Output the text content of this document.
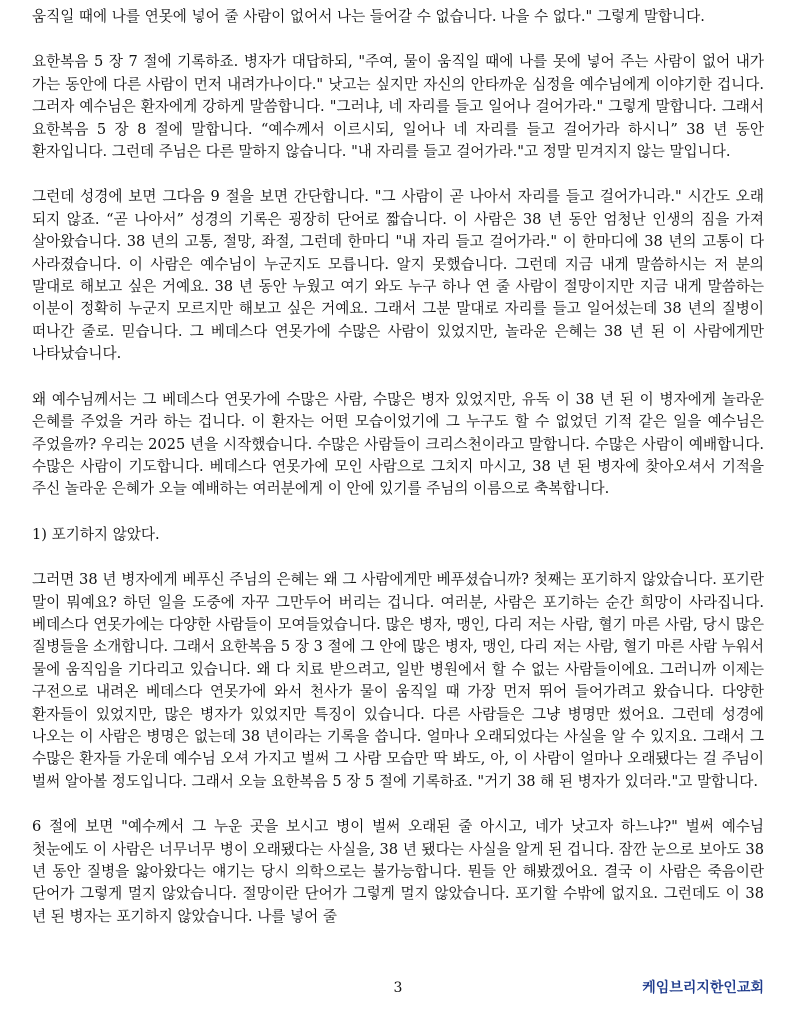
움직일 때에 나를 연못에 넣어 줄 사람이 없어서 나는 들어갈 수 없습니다. 나을 수 없다." 그렇게 말합니다.

요한복음 5 장 7 절에 기록하죠. 병자가 대답하되, "주여, 물이 움직일 때에 나를 못에 넣어 주는 사람이 없어 내가 가는 동안에 다른 사람이 먼저 내려가나이다." 낫고는 싶지만 자신의 안타까운 심정을 예수님에게 이야기한 겁니다. 그러자 예수님은 환자에게 강하게 말씀합니다. "그러냐, 네 자리를 들고 일어나 걸어가라." 그렇게 말합니다. 그래서 요한복음 5 장 8 절에 말합니다. “예수께서 이르시되, 일어나 네 자리를 들고 걸어가라 하시니” 38 년 동안 환자입니다. 그런데 주님은 다른 말하지 않습니다. "내 자리를 들고 걸어가라."고 정말 믿겨지지 않는 말입니다.

그런데 성경에 보면 그다음 9 절을 보면 간단합니다. "그 사람이 곧 나아서 자리를 들고 걸어가니라." 시간도 오래 되지 않죠. “곧 나아서” 성경의 기록은 굉장히 단어로 짧습니다. 이 사람은 38 년 동안 엄청난 인생의 짐을 가져 살아왔습니다. 38 년의 고통, 절망, 좌절, 그런데 한마디 "내 자리 들고 걸어가라." 이 한마디에 38 년의 고통이 다 사라졌습니다. 이 사람은 예수님이 누군지도 모릅니다. 알지 못했습니다. 그런데 지금 내게 말씀하시는 저 분의 말대로 해보고 싶은 거예요. 38 년 동안 누웠고 여기 와도 누구 하나 연 줄 사람이 절망이지만 지금 내게 말씀하는 이분이 정확히 누군지 모르지만 해보고 싶은 거예요. 그래서 그분 말대로 자리를 들고 일어섰는데 38 년의 질병이 떠나간 줄로. 믿습니다. 그 베데스다 연못가에 수많은 사람이 있었지만, 놀라운 은혜는 38 년 된 이 사람에게만 나타났습니다.

왜 예수님께서는 그 베데스다 연못가에 수많은 사람, 수많은 병자 있었지만, 유독 이 38 년 된 이 병자에게 놀라운 은혜를 주었을 거라 하는 겁니다. 이 환자는 어떤 모습이었기에 그 누구도 할 수 없었던 기적 같은 일을 예수님은 주었을까? 우리는 2025 년을 시작했습니다. 수많은 사람들이 크리스천이라고 말합니다. 수많은 사람이 예배합니다. 수많은 사람이 기도합니다. 베데스다 연못가에 모인 사람으로 그치지 마시고, 38 년 된 병자에 찾아오셔서 기적을 주신 놀라운 은혜가 오늘 예배하는 여러분에게 이 안에 있기를 주님의 이름으로 축복합니다.

1) 포기하지 않았다.

그러면 38 년 병자에게 베푸신 주님의 은혜는 왜 그 사람에게만 베푸셨습니까? 첫째는 포기하지 않았습니다. 포기란 말이 뭐예요? 하던 일을 도중에 자꾸 그만두어 버리는 겁니다. 여러분, 사람은 포기하는 순간 희망이 사라집니다. 베데스다 연못가에는 다양한 사람들이 모여들었습니다. 많은 병자, 맹인, 다리 저는 사람, 혈기 마른 사람, 당시 많은 질병들을 소개합니다. 그래서 요한복음 5 장 3 절에 그 안에 많은 병자, 맹인, 다리 저는 사람, 혈기 마른 사람 누워서 물에 움직임을 기다리고 있습니다. 왜 다 치료 받으려고, 일반 병원에서 할 수 없는 사람들이에요. 그러니까 이제는 구전으로 내려온 베데스다 연못가에 와서 천사가 물이 움직일 때 가장 먼저 뛰어 들어가려고 왔습니다. 다양한 환자들이 있었지만, 많은 병자가 있었지만 특징이 있습니다. 다른 사람들은 그냥 병명만 썼어요. 그런데 성경에 나오는 이 사람은 병명은 없는데 38 년이라는 기록을 씁니다. 얼마나 오래되었다는 사실을 알 수 있지요. 그래서 그 수많은 환자들 가운데 예수님 오셔 가지고 벌써 그 사람 모습만 딱 봐도, 아, 이 사람이 얼마나 오래됐다는 걸 주님이 벌써 알아볼 정도입니다. 그래서 오늘 요한복음 5 장 5 절에 기록하죠. "거기 38 해 된 병자가 있더라."고 말합니다.

6 절에 보면 "예수께서 그 누운 곳을 보시고 병이 벌써 오래된 줄 아시고, 네가 낫고자 하느냐?" 벌써 예수님 첫눈에도 이 사람은 너무너무 병이 오래됐다는 사실을, 38 년 됐다는 사실을 알게 된 겁니다. 잠깐 눈으로 보아도 38 년 동안 질병을 앓아왔다는 얘기는 당시 의학으로는 불가능합니다. 뭔들 안 해봤겠어요. 결국 이 사람은 죽음이란 단어가 그렇게 멀지 않았습니다. 절망이란 단어가 그렇게 멀지 않았습니다. 포기할 수밖에 없지요. 그런데도 이 38 년 된 병자는 포기하지 않았습니다. 나를 넣어 줄

3	케임브리지한인교회
